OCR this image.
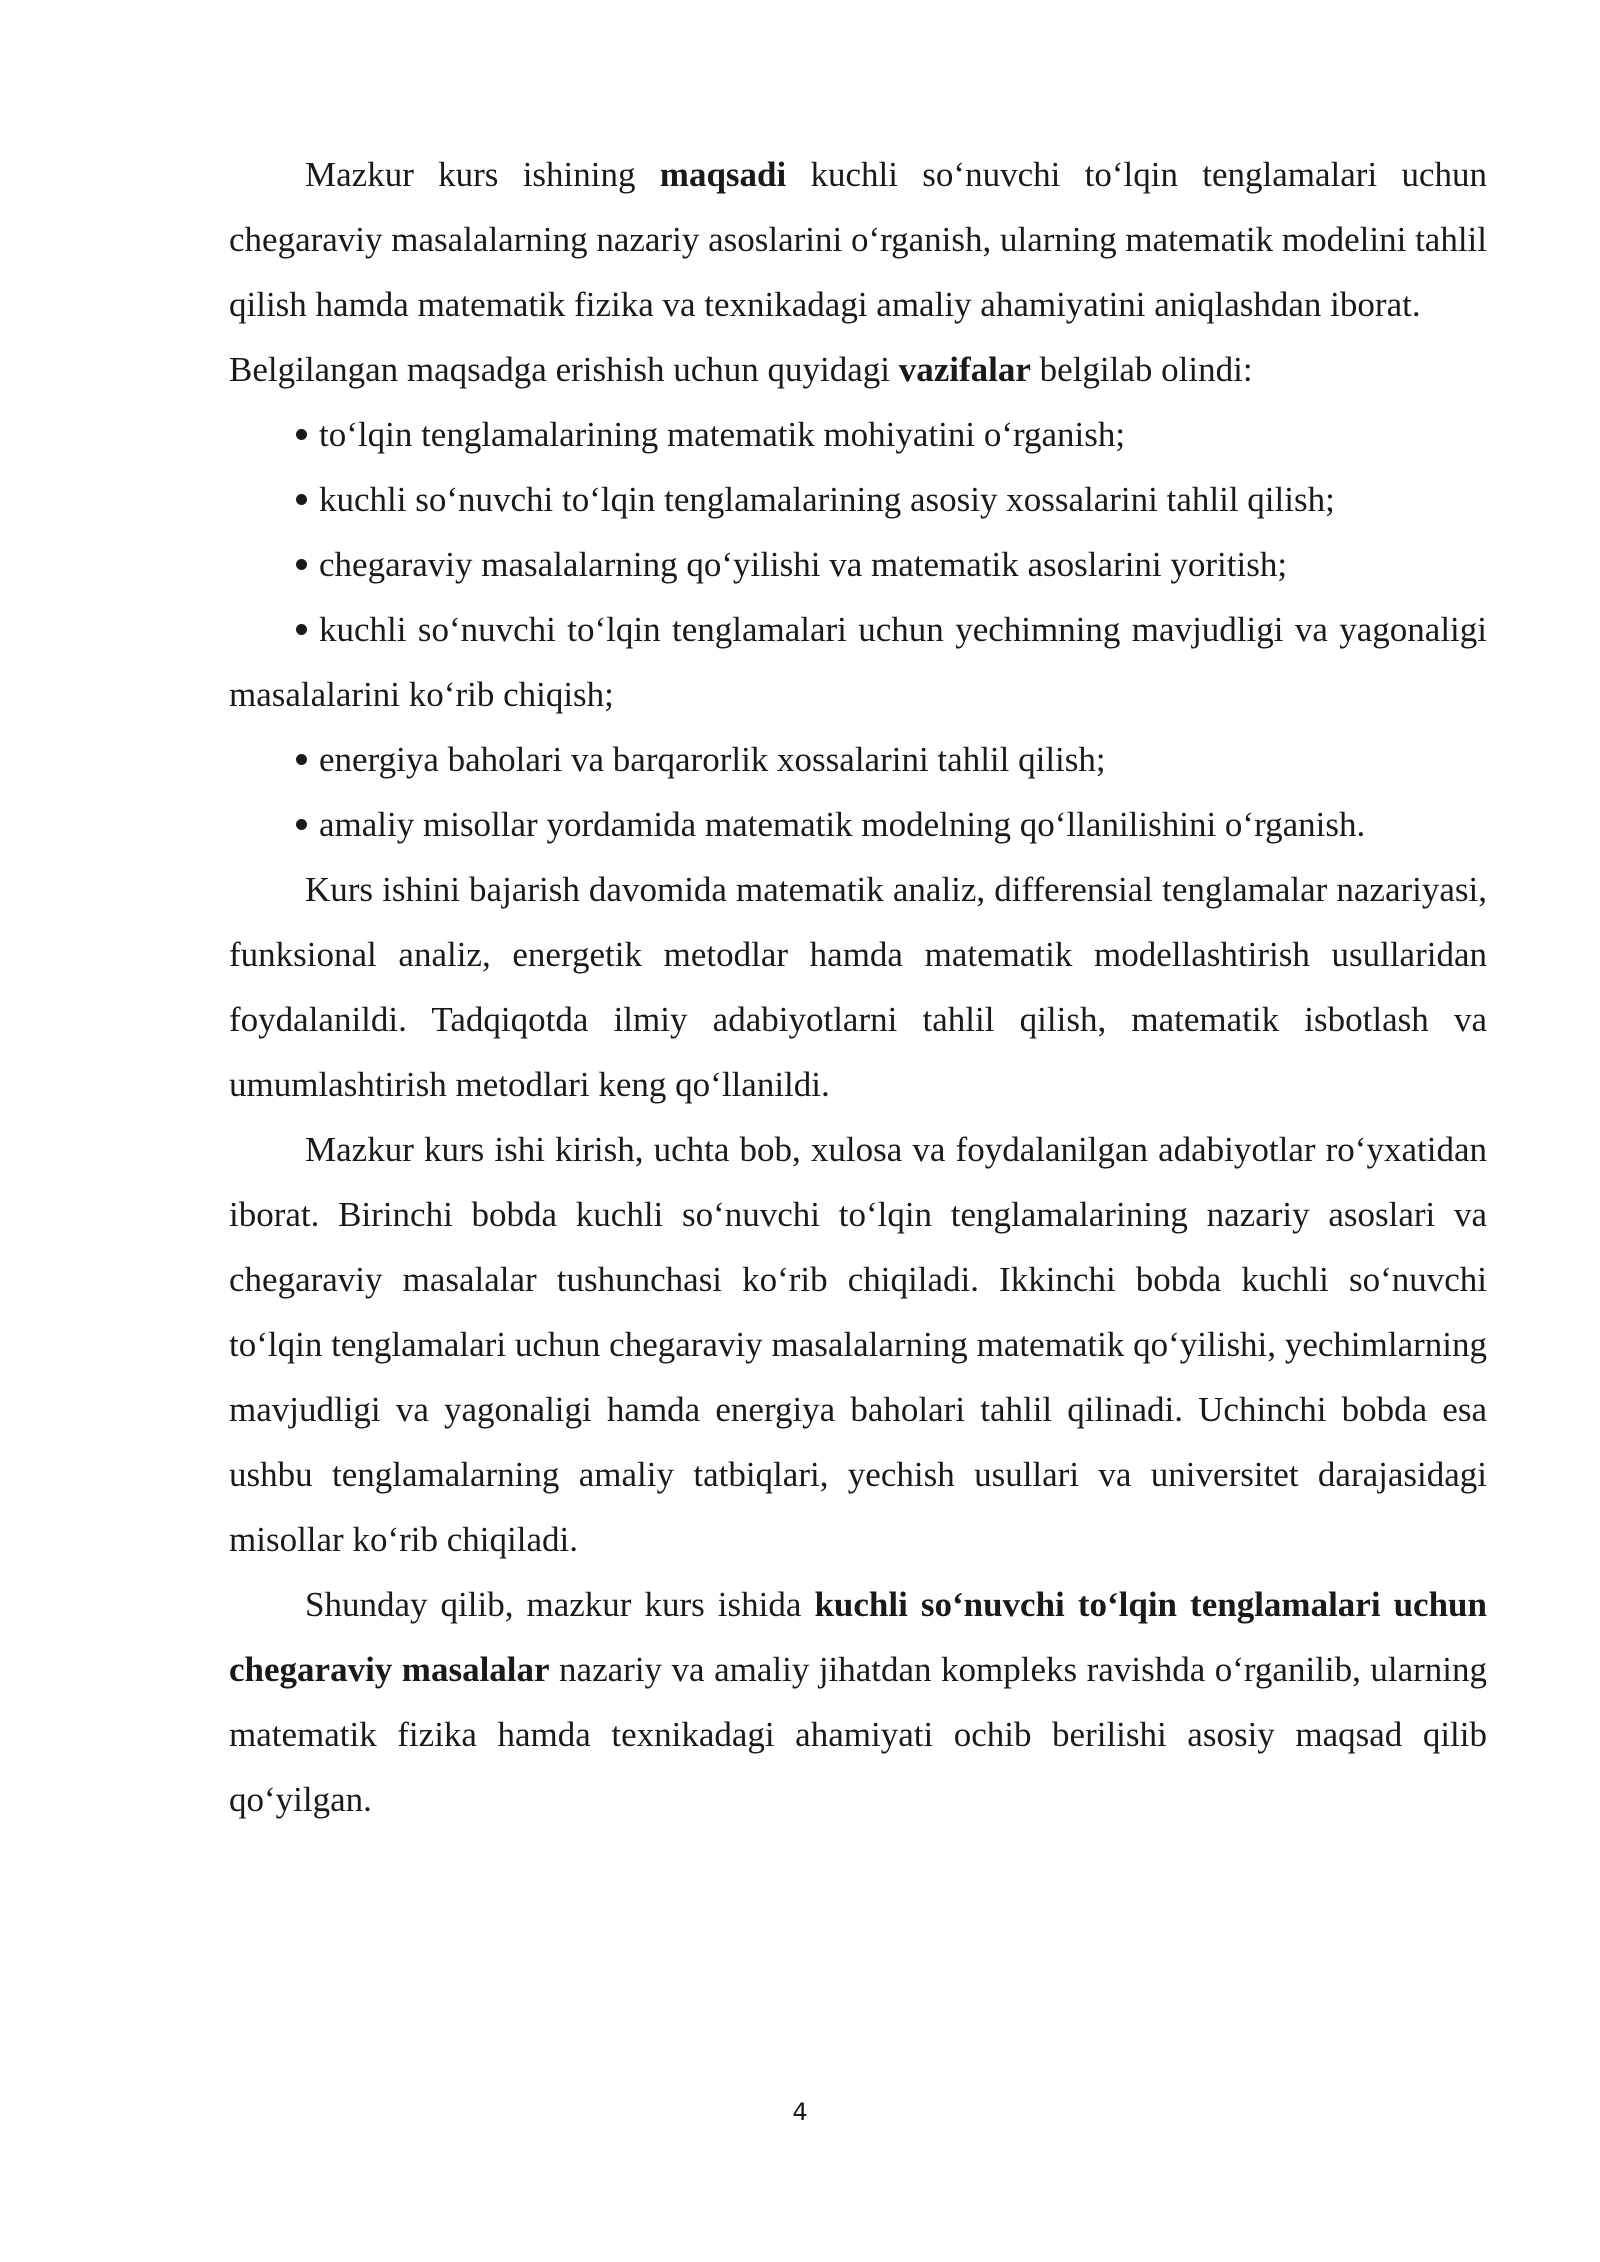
Mazkur kurs ishining maqsadi kuchli so‘nuvchi to‘lqin tenglamalari uchun chegaraviy masalalarning nazariy asoslarini o‘rganish, ularning matematik modelini tahlil qilish hamda matematik fizika va texnikadagi amaliy ahamiyatini aniqlashdan iborat.

Belgilangan maqsadga erishish uchun quyidagi vazifalar belgilab olindi:

to‘lqin tenglamalarining matematik mohiyatini o‘rganish;
kuchli so‘nuvchi to‘lqin tenglamalarining asosiy xossalarini tahlil qilish;
chegaraviy masalalarning qo‘yilishi va matematik asoslarini yoritish;
kuchli so‘nuvchi to‘lqin tenglamalari uchun yechimning mavjudligi va yagonaligi masalalarini ko‘rib chiqish;
energiya baholari va barqarorlik xossalarini tahlil qilish;
amaliy misollar yordamida matematik modelning qo‘llanilishini o‘rganish.

Kurs ishini bajarish davomida matematik analiz, differensial tenglamalar nazariyasi, funksional analiz, energetik metodlar hamda matematik modellashtirish usullaridan foydalanildi. Tadqiqotda ilmiy adabiyotlarni tahlil qilish, matematik isbotlash va umumlashtirish metodlari keng qo‘llanildi.

Mazkur kurs ishi kirish, uchta bob, xulosa va foydalanilgan adabiyotlar ro‘yxatidan iborat. Birinchi bobda kuchli so‘nuvchi to‘lqin tenglamalarining nazariy asoslari va chegaraviy masalalar tushunchasi ko‘rib chiqiladi. Ikkinchi bobda kuchli so‘nuvchi to‘lqin tenglamalari uchun chegaraviy masalalarning matematik qo‘yilishi, yechimlarning mavjudligi va yagonaligi hamda energiya baholari tahlil qilinadi. Uchinchi bobda esa ushbu tenglamalarning amaliy tatbiqlari, yechish usullari va universitet darajasidagi misollar ko‘rib chiqiladi.

Shunday qilib, mazkur kurs ishida kuchli so‘nuvchi to‘lqin tenglamalari uchun chegaraviy masalalar nazariy va amaliy jihatdan kompleks ravishda o‘rganilib, ularning matematik fizika hamda texnikadagi ahamiyati ochib berilishi asosiy maqsad qilib qo‘yilgan.

4
